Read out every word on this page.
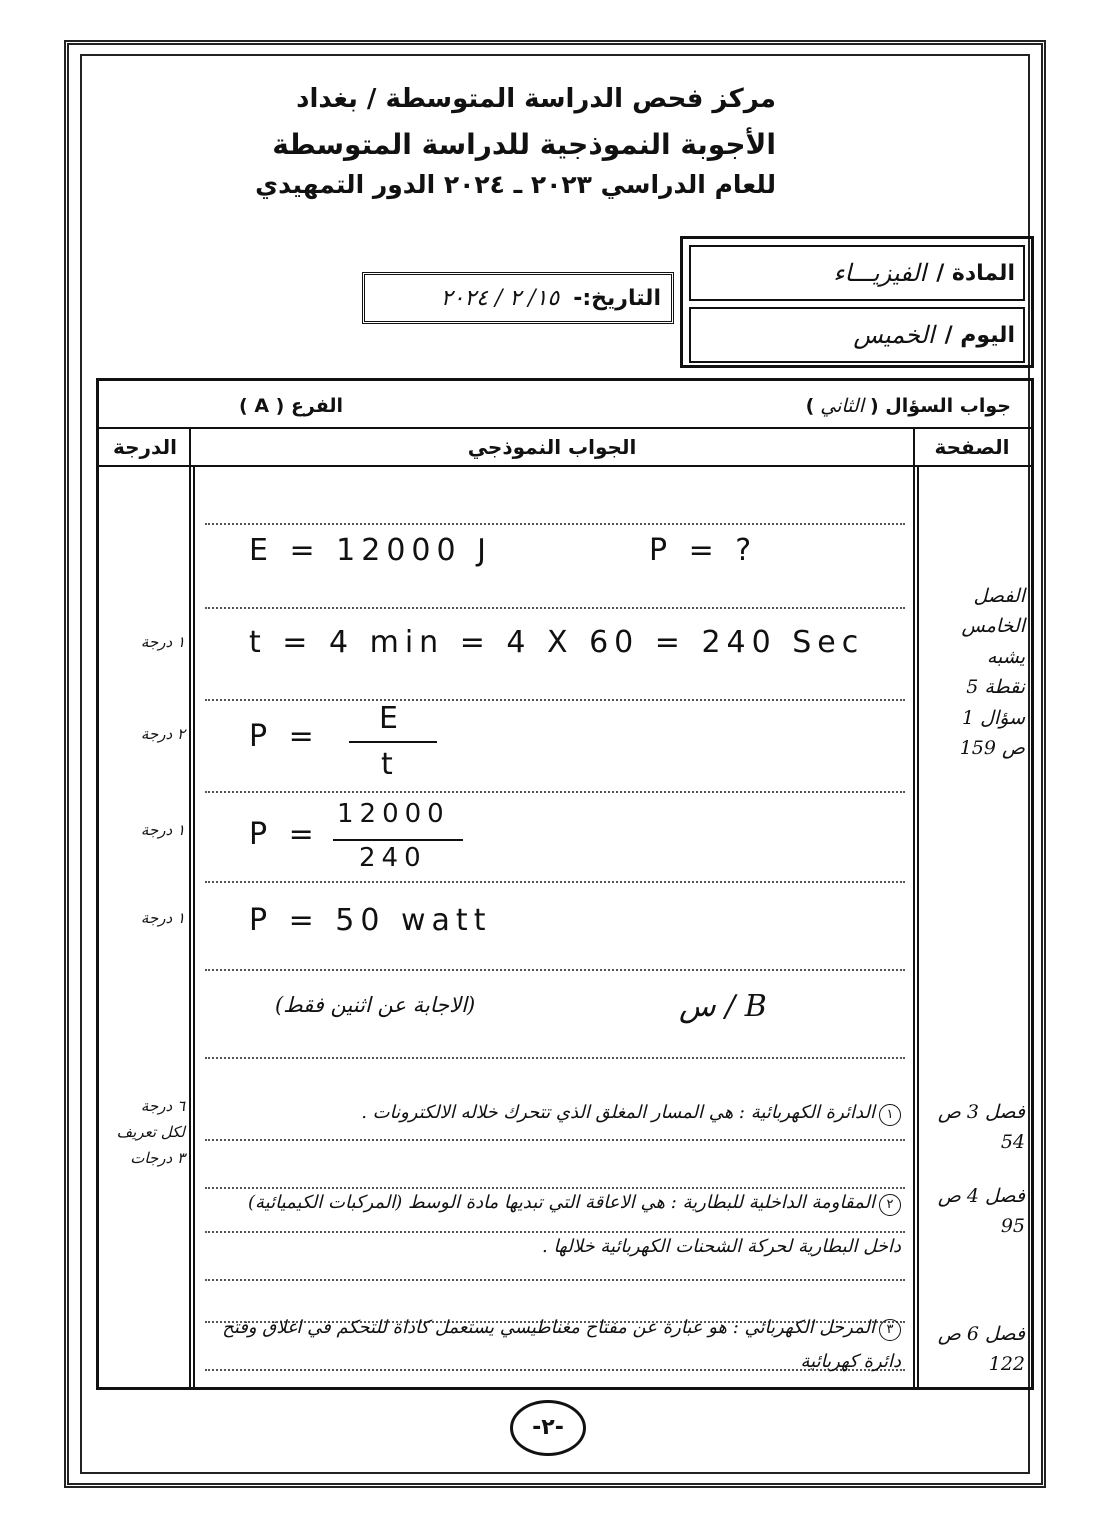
مركز فحص الدراسة المتوسطة / بغداد
الأجوبة النموذجية للدراسة المتوسطة
للعام الدراسي ٢٠٢٣ ـ ٢٠٢٤ الدور التمهيدي
المادة /
الفيزيـــاء
اليوم /
الخميس
التاريخ:-
١٥/ ٢ / ٢٠٢٤
جواب السؤال (
الثاني
)
الفرع ( A )
الصفحة
الجواب النموذجي
الدرجة
E = 12000 J	P = ?
t = 4 min = 4 X 60 = 240 Sec
P =
E
t
P =
12000
240
P = 50 watt
س / B
(الاجابة عن اثنين فقط)
١ درجة
٢ درجة
١ درجة
١ درجة
٦ درجة
لكل تعريف
٣ درجات
الفصل
الخامس
يشبه
نقطة 5
سؤال 1
ص 159
فصل 3 ص 54
فصل 4 ص 95
فصل 6 ص 122
١الدائرة الكهربائية : هي المسار المغلق الذي تتحرك خلاله الالكترونات .
٢المقاومة الداخلية للبطارية : هي الاعاقة التي تبديها مادة الوسط (المركبات الكيميائية) داخل البطارية لحركة الشحنات الكهربائية خلالها .
٣المرحل الكهربائي : هو عبارة عن مفتاح مغناطيسي يستعمل كاداة للتحكم في اغلاق وفتح دائرة كهربائية
-٢-
